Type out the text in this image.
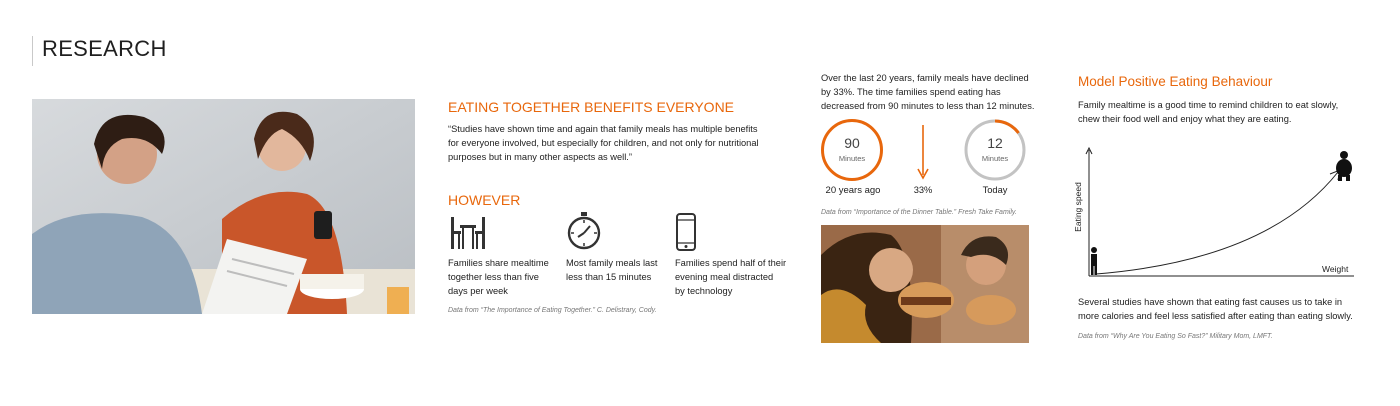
RESEARCH
EATING TOGETHER BENEFITS EVERYONE
“Studies have shown time and again that family meals has multiple benefits
for everyone involved, but especially for children, and not only for nutritional
purposes but in many other aspects as well.”
HOWEVER
Families share mealtime
together less than five
days per week
Most family meals last
less than 15 minutes
Families spend half of their
evening meal distracted
by technology
Data from “The Importance of Eating Together.” C. Delistrary, Cody.
Over the last 20 years, family meals have declined
by 33%. The time families spend eating has
decreased from 90 minutes to less than 12 minutes.
90
Minutes
20 years ago	33%
12
Minutes
Today
Data from “Importance of the Dinner Table.” Fresh Take Family.
Model Positive Eating Behaviour
Family mealtime is a good time to remind children to eat slowly,
chew their food well and enjoy what they are eating.
Eating speed
Weight
Several studies have shown that eating fast causes us to take in
more calories and feel less satisfied after eating than eating slowly.
Data from “Why Are You Eating So Fast?” Military Mom, LMFT.
